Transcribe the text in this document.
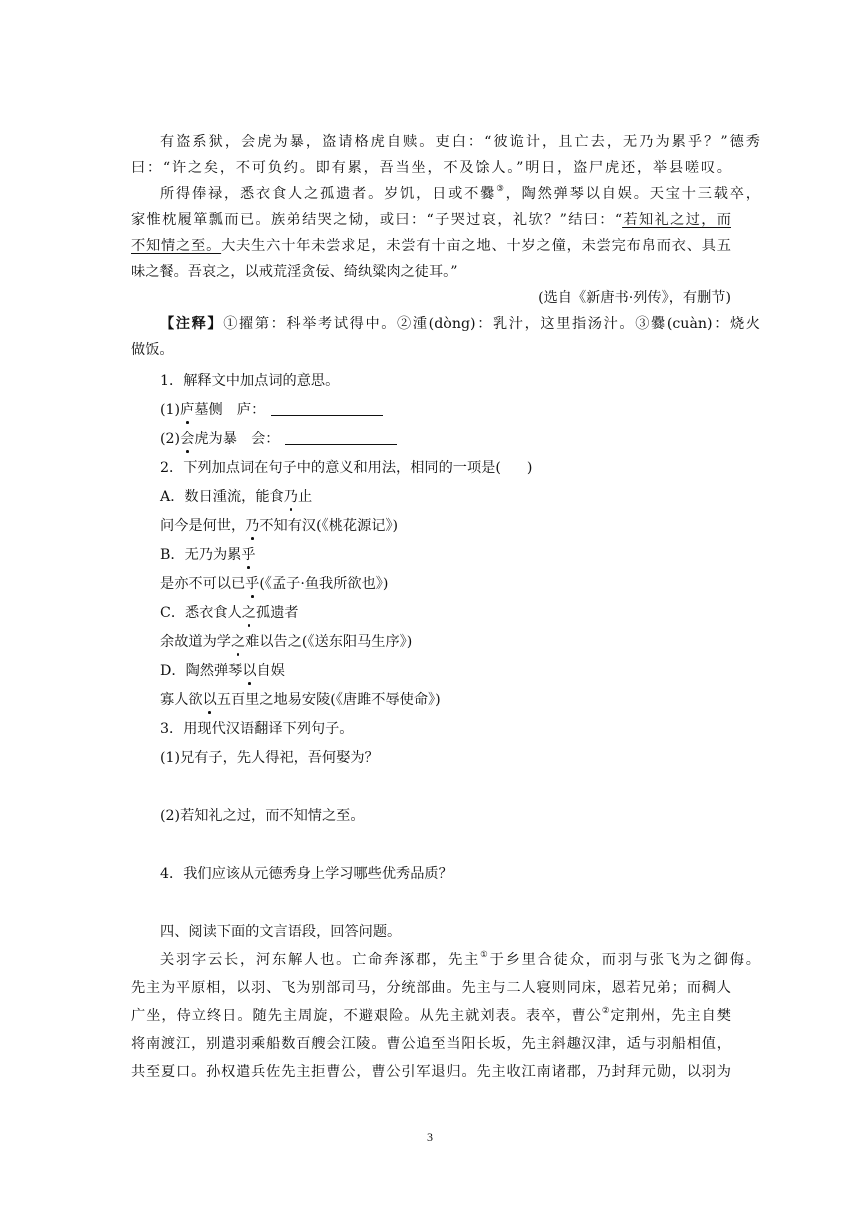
有盗系狱，会虎为暴，盗请格虎自赎。吏白：“彼诡计，且亡去，无乃为累乎？”德秀
曰：“许之矣，不可负约。即有累，吾当坐，不及馀人。”明日，盗尸虎还，举县嗟叹。
所得俸禄，悉衣食人之孤遗者。岁饥，日或不爨③，陶然弹琴以自娱。天宝十三载卒，
家惟枕履箪瓢而已。族弟结哭之恸，或曰：“子哭过哀，礼欤？”结曰：“若知礼之过，而
不知情之至。大夫生六十年未尝求足，未尝有十亩之地、十岁之僮，未尝完布帛而衣、具五
味之餐。吾哀之，以戒荒淫贪佞、绮纨粱肉之徒耳。”
(选自《新唐书·列传》，有删节)
【注释】①擢第：科举考试得中。②湩(dòng)：乳汁，这里指汤汁。③爨(cuàn)：烧火
做饭。
1．解释文中加点词的意思。
(1)庐墓侧　庐：
(2)会虎为暴　会：
2．下列加点词在句子中的意义和用法，相同的一项是( )
A．数日湩流，能食乃止
问今是何世，乃不知有汉(《桃花源记》)
B．无乃为累乎
是亦不可以已乎(《孟子·鱼我所欲也》)
C．悉衣食人之孤遗者
余故道为学之难以告之(《送东阳马生序》)
D．陶然弹琴以自娱
寡人欲以五百里之地易安陵(《唐雎不辱使命》)
3．用现代汉语翻译下列句子。
(1)兄有子，先人得祀，吾何娶为？
(2)若知礼之过，而不知情之至。
4．我们应该从元德秀身上学习哪些优秀品质？
四、阅读下面的文言语段，回答问题。
关羽字云长，河东解人也。亡命奔涿郡，先主①于乡里合徒众，而羽与张飞为之御侮。
先主为平原相，以羽、飞为别部司马，分统部曲。先主与二人寝则同床，恩若兄弟；而稠人
广坐，侍立终日。随先主周旋，不避艰险。从先主就刘表。表卒，曹公②定荆州，先主自樊
将南渡江，别遣羽乘船数百艘会江陵。曹公追至当阳长坂，先主斜趣汉津，适与羽船相值，
共至夏口。孙权遣兵佐先主拒曹公，曹公引军退归。先主收江南诸郡，乃封拜元勋，以羽为
3
